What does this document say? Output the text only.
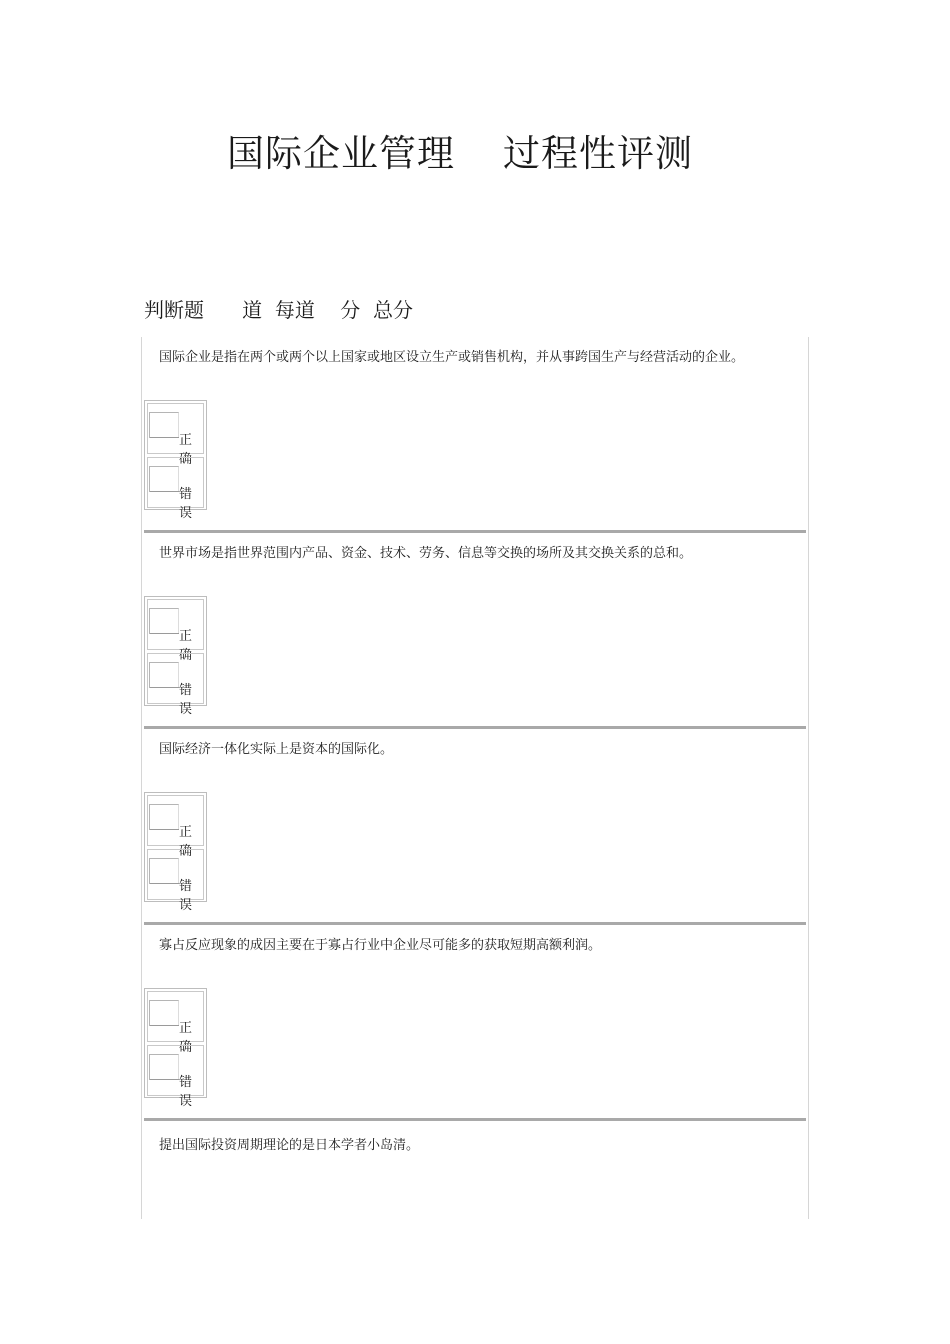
国际企业管理 过程性评测
判断题      道  每道    分  总分
国际企业是指在两个或两个以上国家或地区设立生产或销售机构，并从事跨国生产与经营活动的企业。
正确
错误
世界市场是指世界范围内产品、资金、技术、劳务、信息等交换的场所及其交换关系的总和。
正确
错误
国际经济一体化实际上是资本的国际化。
正确
错误
寡占反应现象的成因主要在于寡占行业中企业尽可能多的获取短期高额利润。
正确
错误
提出国际投资周期理论的是日本学者小岛清。
